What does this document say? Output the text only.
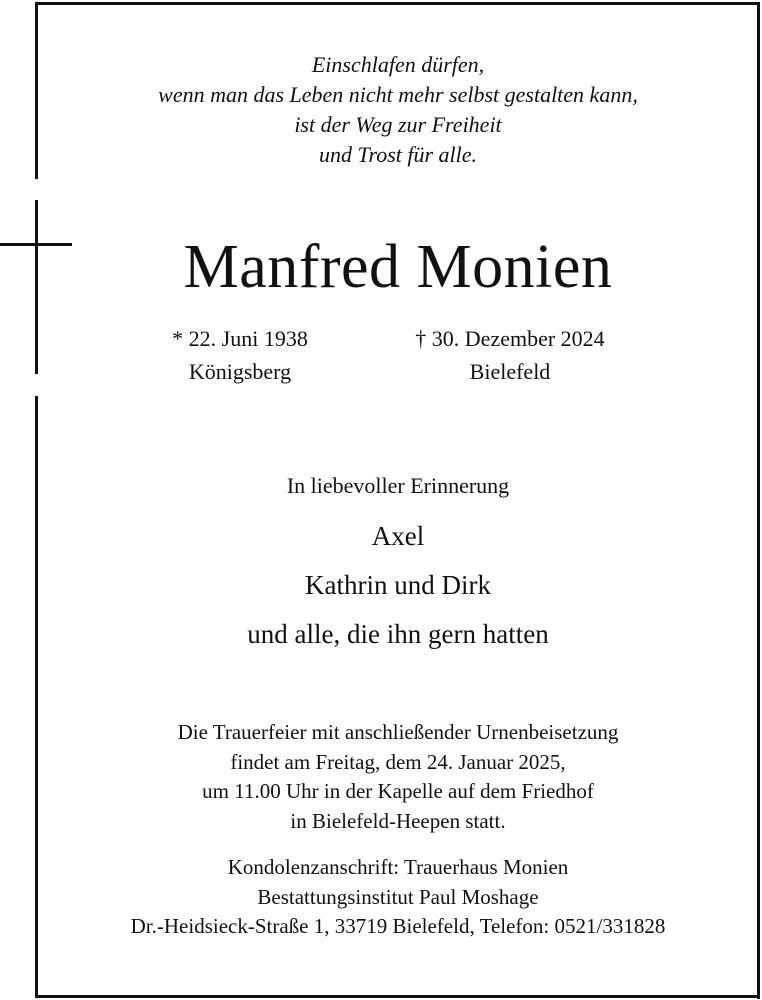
Einschlafen dürfen,
wenn man das Leben nicht mehr selbst gestalten kann,
ist der Weg zur Freiheit
und Trost für alle.
Manfred Monien
* 22. Juni 1938
Königsberg
† 30. Dezember 2024
Bielefeld
In liebevoller Erinnerung
Axel
Kathrin und Dirk
und alle, die ihn gern hatten
Die Trauerfeier mit anschließender Urnenbeisetzung
findet am Freitag, dem 24. Januar 2025,
um 11.00 Uhr in der Kapelle auf dem Friedhof
in Bielefeld-Heepen statt.
Kondolenzanschrift: Trauerhaus Monien
Bestattungsinstitut Paul Moshage
Dr.-Heidsieck-Straße 1, 33719 Bielefeld, Telefon: 0521/331828
